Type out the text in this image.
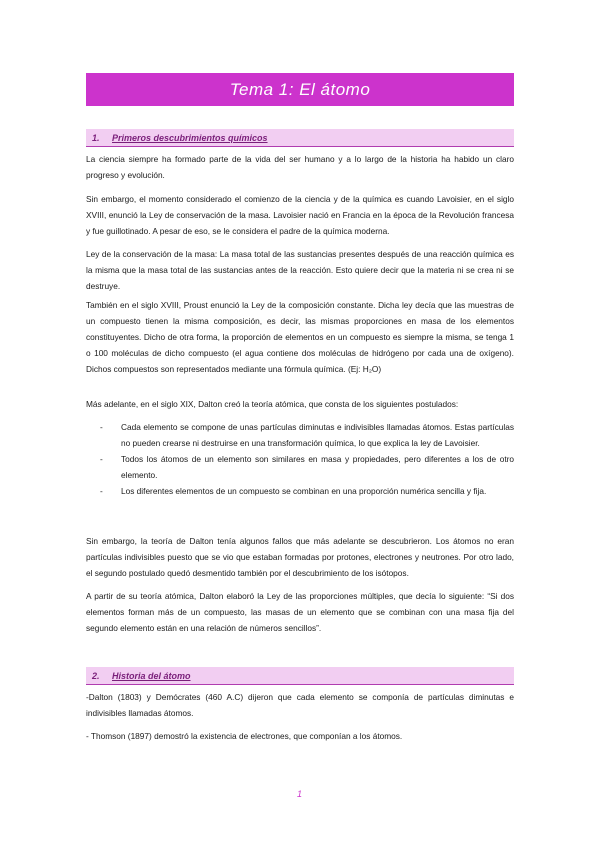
Tema 1: El átomo
1. Primeros descubrimientos químicos

La ciencia siempre ha formado parte de la vida del ser humano y a lo largo de la historia ha habido un claro progreso y evolución.

Sin embargo, el momento considerado el comienzo de la ciencia y de la química es cuando Lavoisier, en el siglo XVIII, enunció la Ley de conservación de la masa. Lavoisier nació en Francia en la época de la Revolución francesa y fue guillotinado. A pesar de eso, se le considera el padre de la química moderna.

Ley de la conservación de la masa: La masa total de las sustancias presentes después de una reacción química es la misma que la masa total de las sustancias antes de la reacción. Esto quiere decir que la materia ni se crea ni se destruye.

También en el siglo XVIII, Proust enunció la Ley de la composición constante. Dicha ley decía que las muestras de un compuesto tienen la misma composición, es decir, las mismas proporciones en masa de los elementos constituyentes. Dicho de otra forma, la proporción de elementos en un compuesto es siempre la misma, se tenga 1 o 100 moléculas de dicho compuesto (el agua contiene dos moléculas de hidrógeno por cada una de oxígeno). Dichos compuestos son representados mediante una fórmula química. (Ej: H₂O)

Más adelante, en el siglo XIX, Dalton creó la teoría atómica, que consta de los siguientes postulados:

- Cada elemento se compone de unas partículas diminutas e indivisibles llamadas átomos. Estas partículas no pueden crearse ni destruirse en una transformación química, lo que explica la ley de Lavoisier.
- Todos los átomos de un elemento son similares en masa y propiedades, pero diferentes a los de otro elemento.
- Los diferentes elementos de un compuesto se combinan en una proporción numérica sencilla y fija.

Sin embargo, la teoría de Dalton tenía algunos fallos que más adelante se descubrieron. Los átomos no eran partículas indivisibles puesto que se vio que estaban formadas por protones, electrones y neutrones. Por otro lado, el segundo postulado quedó desmentido también por el descubrimiento de los isótopos.

A partir de su teoría atómica, Dalton elaboró la Ley de las proporciones múltiples, que decía lo siguiente: “Si dos elementos forman más de un compuesto, las masas de un elemento que se combinan con una masa fija del segundo elemento están en una relación de números sencillos”.

2. Historia del átomo

-Dalton (1803) y Demócrates (460 A.C) dijeron que cada elemento se componía de partículas diminutas e indivisibles llamadas átomos.

- Thomson (1897) demostró la existencia de electrones, que componían a los átomos.

1
